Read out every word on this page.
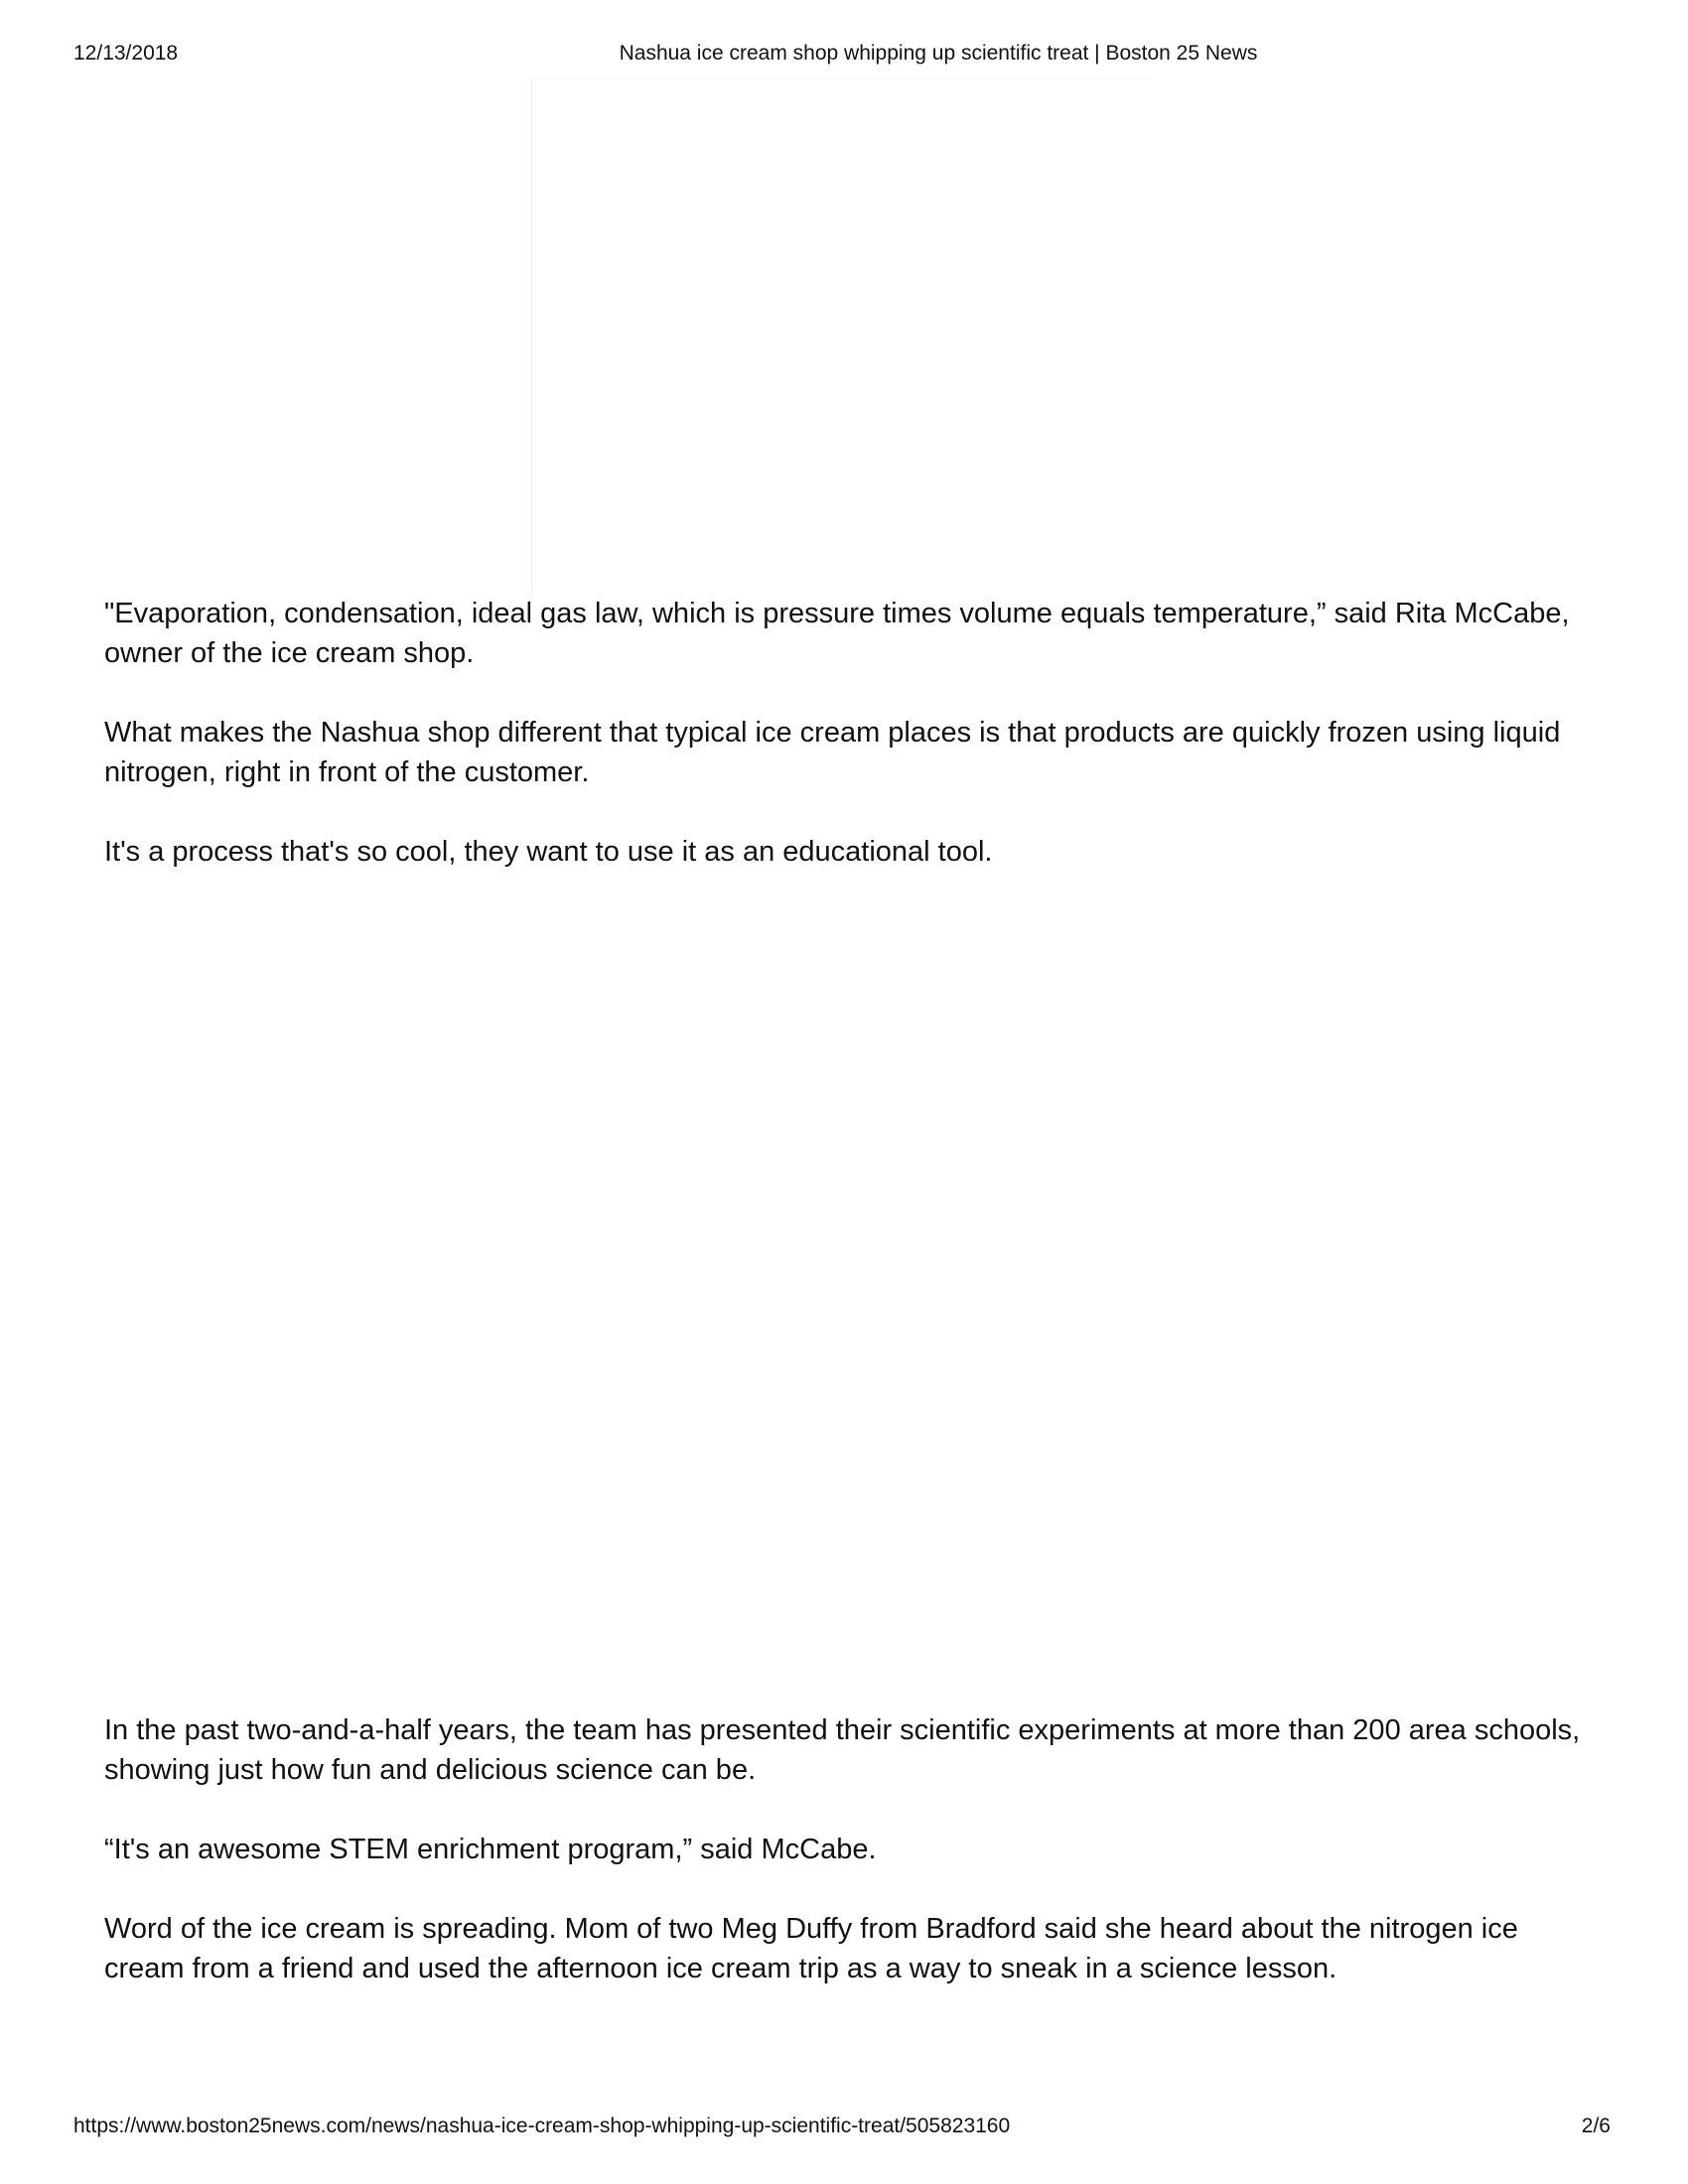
12/13/2018	Nashua ice cream shop whipping up scientific treat | Boston 25 News

"Evaporation, condensation, ideal gas law, which is pressure times volume equals temperature,” said Rita McCabe, owner of the ice cream shop.

What makes the Nashua shop different that typical ice cream places is that products are quickly frozen using liquid nitrogen, right in front of the customer.

It's a process that's so cool, they want to use it as an educational tool.

In the past two-and-a-half years, the team has presented their scientific experiments at more than 200 area schools, showing just how fun and delicious science can be.

“It's an awesome STEM enrichment program,” said McCabe.

Word of the ice cream is spreading. Mom of two Meg Duffy from Bradford said she heard about the nitrogen ice cream from a friend and used the afternoon ice cream trip as a way to sneak in a science lesson.

https://www.boston25news.com/news/nashua-ice-cream-shop-whipping-up-scientific-treat/505823160	2/6
